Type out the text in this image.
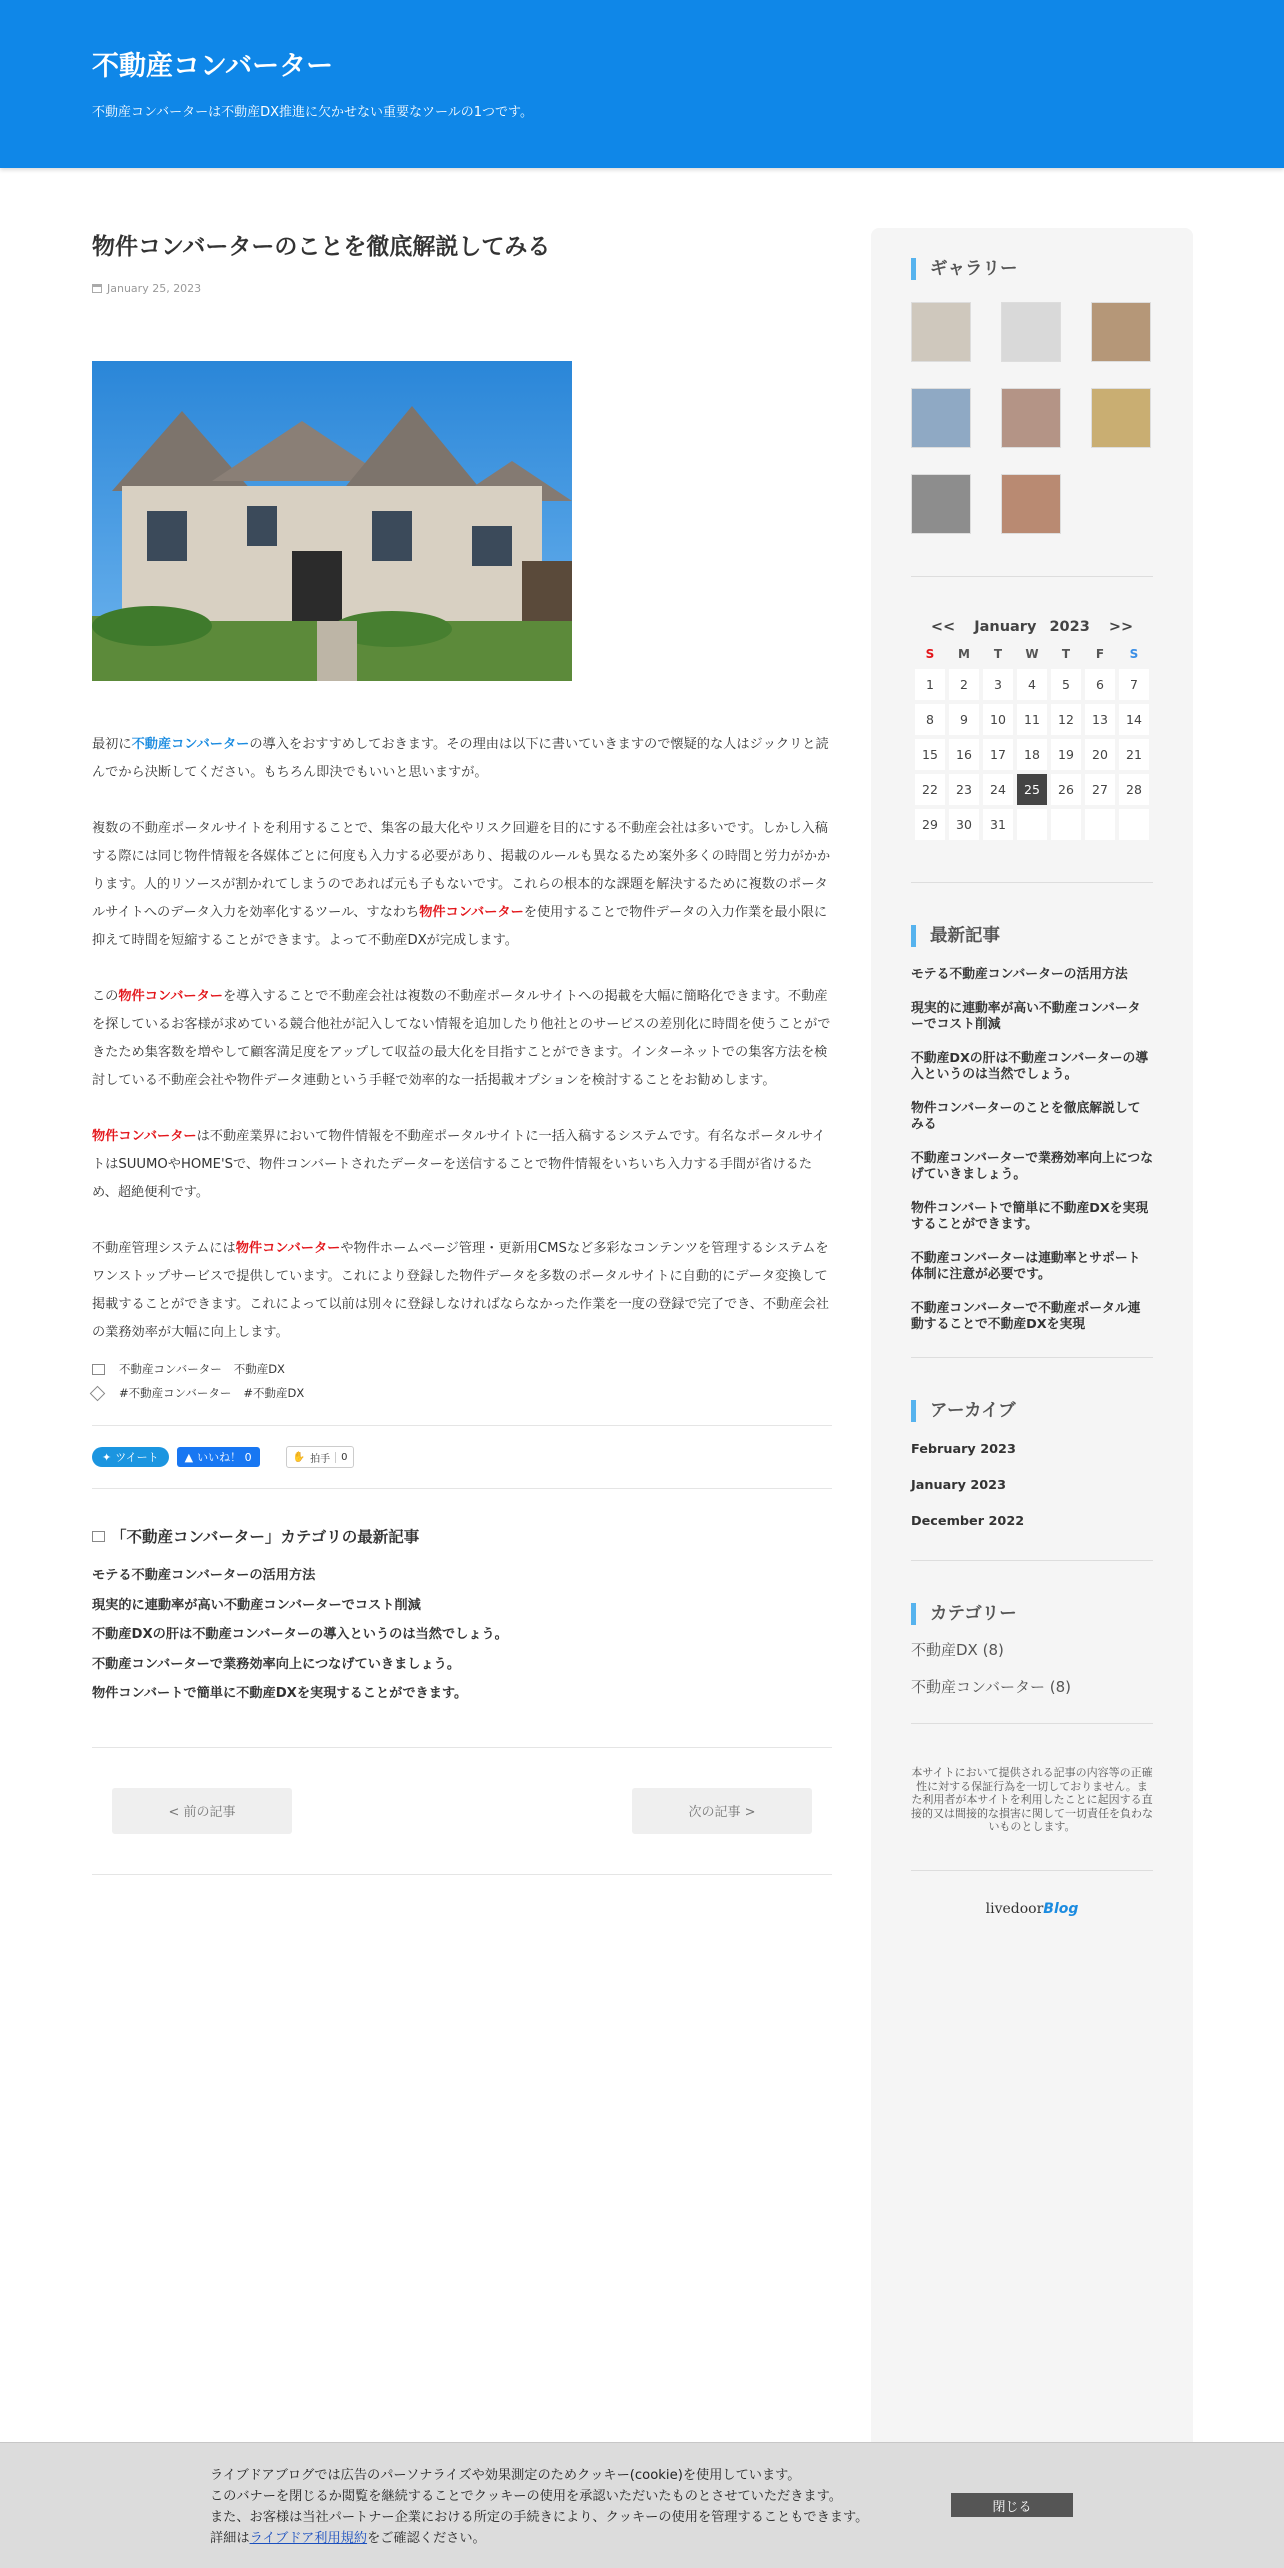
不動産コンバーター

不動産コンバーターは不動産DX推進に欠かせない重要なツールの1つです。

物件コンバーターのことを徹底解説してみる
January 25, 2023

最初に不動産コンバーターの導入をおすすめしておきます。その理由は以下に書いていきますので懐疑的な人はジックリと読んでから決断してください。もちろん即決でもいいと思いますが。

複数の不動産ポータルサイトを利用することで、集客の最大化やリスク回避を目的にする不動産会社は多いです。しかし入稿する際には同じ物件情報を各媒体ごとに何度も入力する必要があり、掲載のルールも異なるため案外多くの時間と労力がかかります。人的リソースが割かれてしまうのであれば元も子もないです。これらの根本的な課題を解決するために複数のポータルサイトへのデータ入力を効率化するツール、すなわち物件コンバーターを使用することで物件データの入力作業を最小限に抑えて時間を短縮することができます。よって不動産DXが完成します。

この物件コンバーターを導入することで不動産会社は複数の不動産ポータルサイトへの掲載を大幅に簡略化できます。不動産を探しているお客様が求めている競合他社が記入してない情報を追加したり他社とのサービスの差別化に時間を使うことができたため集客数を増やして顧客満足度をアップして収益の最大化を目指すことができます。インターネットでの集客方法を検討している不動産会社や物件データ連動という手軽で効率的な一括掲載オプションを検討することをお勧めします。

物件コンバーターは不動産業界において物件情報を不動産ポータルサイトに一括入稿するシステムです。有名なポータルサイトはSUUMOやHOME'Sで、物件コンバートされたデーターを送信することで物件情報をいちいち入力する手間が省けるため、超絶便利です。

不動産管理システムには物件コンバーターや物件ホームページ管理・更新用CMSなど多彩なコンテンツを管理するシステムをワンストップサービスで提供しています。これにより登録した物件データを多数のポータルサイトに自動的にデータ変換して掲載することができます。これによって以前は別々に登録しなければならなかった作業を一度の登録で完了でき、不動産会社の業務効率が大幅に向上します。

不動産コンバーター 不動産DX
#不動産コンバーター #不動産DX
✦ ツイート ▲ いいね！ 0	✋ 拍手	0
「不動産コンバーター」カテゴリの最新記事
モテる不動産コンバーターの活用方法
現実的に連動率が高い不動産コンバーターでコスト削減
不動産DXの肝は不動産コンバーターの導入というのは当然でしょう。
不動産コンバーターで業務効率向上につなげていきましょう。
物件コンバートで簡単に不動産DXを実現することができます。
< 前の記事	次の記事 >
ギャラリー
<< January 2023 >>
S	M	T	W	T	F	S
1	2	3	4	5	6	7
8	9	10	11	12	13	14
15	16	17	18	19	20	21
22	23	24	25	26	27	28
29	30	31
最新記事
モテる不動産コンバーターの活用方法
現実的に連動率が高い不動産コンバーターでコスト削減
不動産DXの肝は不動産コンバーターの導入というのは当然でしょう。
物件コンバーターのことを徹底解説してみる
不動産コンバーターで業務効率向上につなげていきましょう。
物件コンバートで簡単に不動産DXを実現することができます。
不動産コンバーターは連動率とサポート体制に注意が必要です。
不動産コンバーターで不動産ポータル連動することで不動産DXを実現
アーカイブ
February 2023
January 2023
December 2022
カテゴリー
不動産DX (8)
不動産コンバーター (8)

本サイトにおいて提供される記事の内容等の正確性に対する保証行為を一切しておりません。また利用者が本サイトを利用したことに起因する直接的又は間接的な損害に関して一切責任を負わないものとします。

livedoorBlog
ライブドアブログでは広告のパーソナライズや効果測定のためクッキー(cookie)を使用しています。
このバナーを閉じるか閲覧を継続することでクッキーの使用を承認いただいたものとさせていただきます。
また、お客様は当社パートナー企業における所定の手続きにより、クッキーの使用を管理することもできます。
詳細はライブドア利用規約をご確認ください。
閉じる
